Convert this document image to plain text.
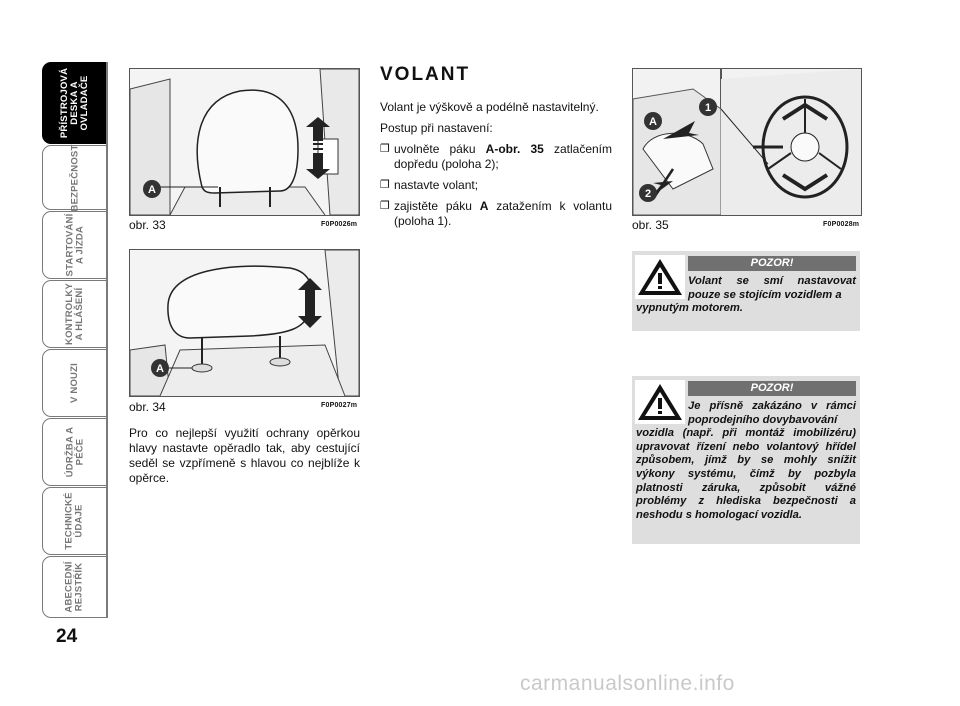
PŘÍSTROJOVÁ
DESKA A
OVLADAČE
BEZPEČNOST
STARTOVÁNÍ
A JÍZDA
KONTROLKY
A HLÁŠENÍ
V NOUZI
ÚDRŽBA A
PÉČE
TECHNICKÉ
ÚDAJE
ABECEDNÍ
REJSTŘÍK
24
A
obr. 33	F0P0026m
A
obr. 34	F0P0027m
Pro co nejlepší využití ochrany opěrkou hlavy nastavte opěradlo tak, aby cestující seděl se vzpřímeně s hlavou co nejblíže k opěrce.
VOLANT
Volant je výškově a podélně nastavitelný.
Postup při nastavení:
❐ uvolněte páku A-obr. 35 zatlačením dopředu (poloha 2);
❐ nastavte volant;
❐ zajistěte páku A zatažením k volantu (poloha 1).
1
A
2
obr. 35	F0P0028m
POZOR!
Volant se smí nastavovat pouze se stojícím vozidlem a
vypnutým motorem.
POZOR!
Je přísně zakázáno v rámci poprodejního dovybavování
vozidla (např. při montáž imobilizéru) upravovat řízení nebo volantový hřídel způsobem, jímž by se mohly snížit výkony systému, čímž by pozbyla platnosti záruka, způsobit vážné problémy z hlediska bezpečnosti a neshodu s homologací vozidla.
carmanualsonline.info
